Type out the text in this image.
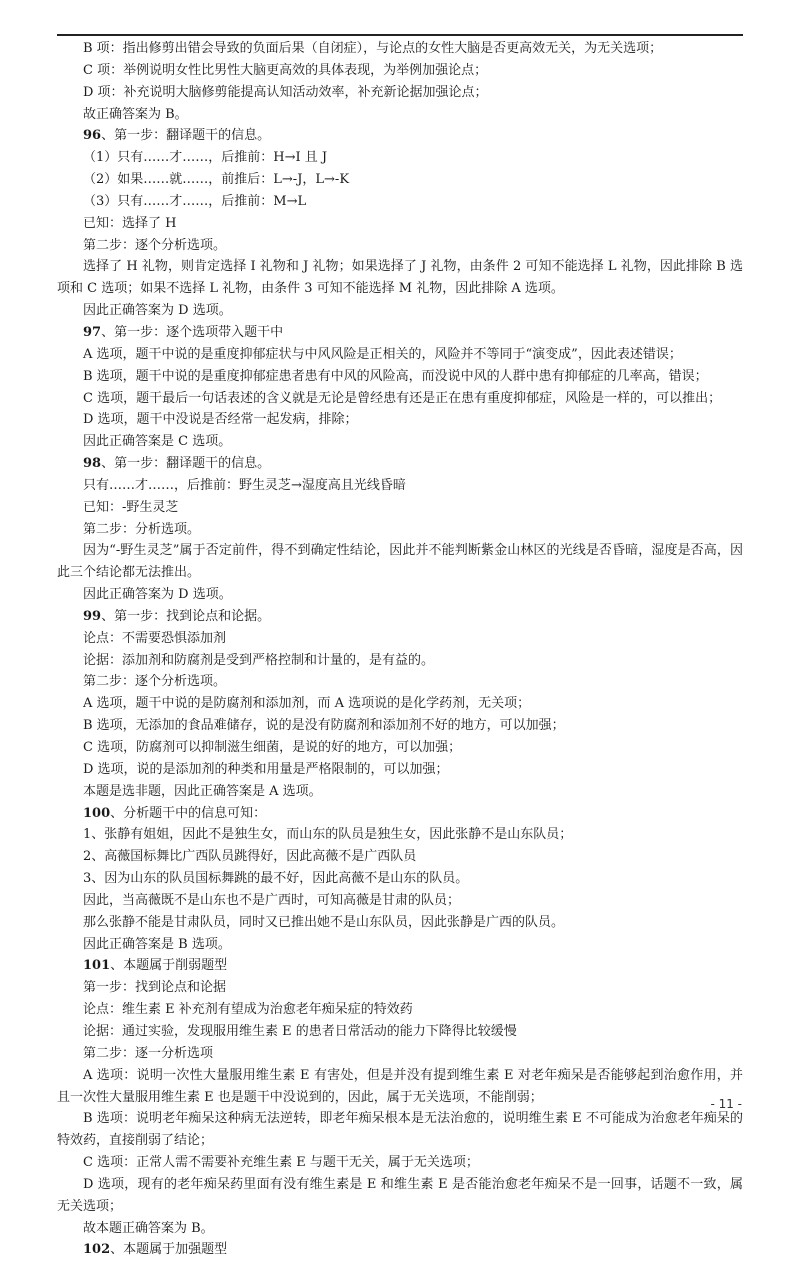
B 项：指出修剪出错会导致的负面后果（自闭症），与论点的女性大脑是否更高效无关，为无关选项；
C 项：举例说明女性比男性大脑更高效的具体表现，为举例加强论点；
D 项：补充说明大脑修剪能提高认知活动效率，补充新论据加强论点；
故正确答案为 B。
96、第一步：翻译题干的信息。
（1）只有……才……，后推前：H→I 且 J
（2）如果……就……，前推后：L→-J，L→-K
（3）只有……才……，后推前：M→L
已知：选择了 H
第二步：逐个分析选项。
选择了 H 礼物，则肯定选择 I 礼物和 J 礼物；如果选择了 J 礼物，由条件 2 可知不能选择 L 礼物，因此排除 B 选项和 C 选项；如果不选择 L 礼物，由条件 3 可知不能选择 M 礼物，因此排除 A 选项。
因此正确答案为 D 选项。
97、第一步：逐个选项带入题干中
A 选项，题干中说的是重度抑郁症状与中风风险是正相关的，风险并不等同于“演变成”，因此表述错误；
B 选项，题干中说的是重度抑郁症患者患有中风的风险高，而没说中风的人群中患有抑郁症的几率高，错误；
C 选项，题干最后一句话表述的含义就是无论是曾经患有还是正在患有重度抑郁症，风险是一样的，可以推出；
D 选项，题干中没说是否经常一起发病，排除；
因此正确答案是 C 选项。
98、第一步：翻译题干的信息。
只有……才……，后推前：野生灵芝→湿度高且光线昏暗
已知：-野生灵芝
第二步：分析选项。
因为“-野生灵芝”属于否定前件，得不到确定性结论，因此并不能判断紫金山林区的光线是否昏暗，湿度是否高，因此三个结论都无法推出。
因此正确答案为 D 选项。
99、第一步：找到论点和论据。
论点：不需要恐惧添加剂
论据：添加剂和防腐剂是受到严格控制和计量的，是有益的。
第二步：逐个分析选项。
A 选项，题干中说的是防腐剂和添加剂，而 A 选项说的是化学药剂，无关项；
B 选项，无添加的食品难储存，说的是没有防腐剂和添加剂不好的地方，可以加强；
C 选项，防腐剂可以抑制滋生细菌，是说的好的地方，可以加强；
D 选项，说的是添加剂的种类和用量是严格限制的，可以加强；
本题是选非题，因此正确答案是 A 选项。
100、分析题干中的信息可知：
1、张静有姐姐，因此不是独生女，而山东的队员是独生女，因此张静不是山东队员；
2、高薇国标舞比广西队员跳得好，因此高薇不是广西队员
3、因为山东的队员国标舞跳的最不好，因此高薇不是山东的队员。
因此，当高薇既不是山东也不是广西时，可知高薇是甘肃的队员；
那么张静不能是甘肃队员，同时又已推出她不是山东队员，因此张静是广西的队员。
因此正确答案是 B 选项。
101、本题属于削弱题型
第一步：找到论点和论据
论点：维生素 E 补充剂有望成为治愈老年痴呆症的特效药
论据：通过实验，发现服用维生素 E 的患者日常活动的能力下降得比较缓慢
第二步：逐一分析选项
A 选项：说明一次性大量服用维生素 E 有害处，但是并没有提到维生素 E 对老年痴呆是否能够起到治愈作用，并且一次性大量服用维生素 E 也是题干中没说到的，因此，属于无关选项，不能削弱；
B 选项：说明老年痴呆这种病无法逆转，即老年痴呆根本是无法治愈的，说明维生素 E 不可能成为治愈老年痴呆的特效药，直接削弱了结论；
C 选项：正常人需不需要补充维生素 E 与题干无关，属于无关选项；
D 选项，现有的老年痴呆药里面有没有维生素是 E 和维生素 E 是否能治愈老年痴呆不是一回事，话题不一致，属无关选项；
故本题正确答案为 B。
102、本题属于加强题型
- 11 -
